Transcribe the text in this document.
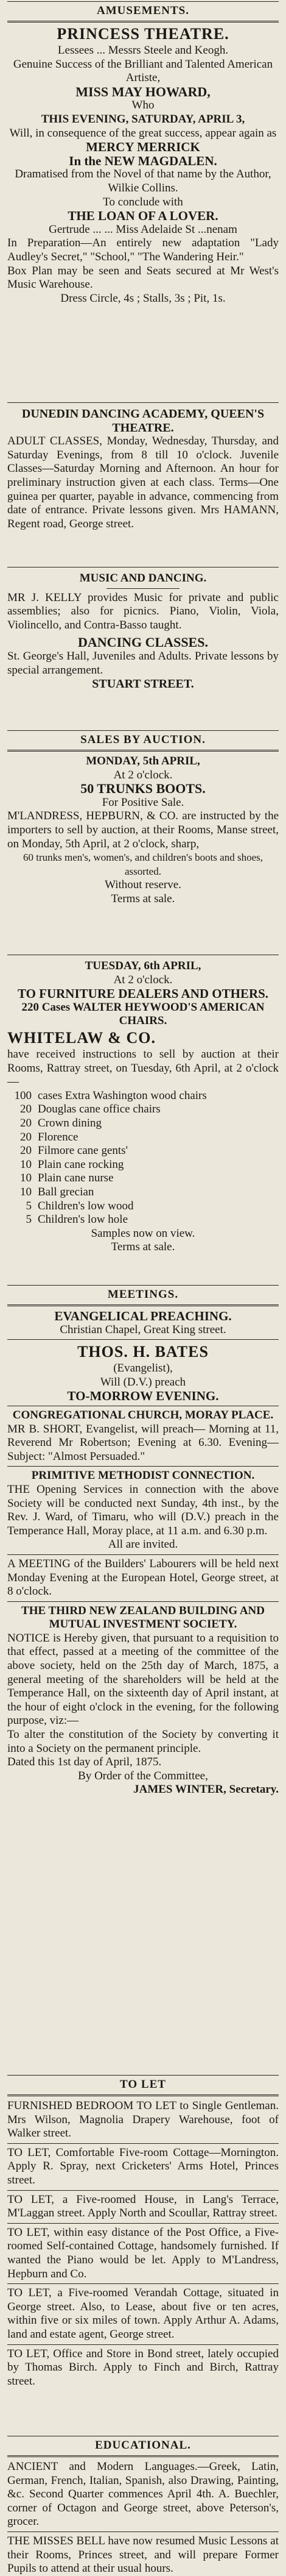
AMUSEMENTS.
PRINCESS THEATRE.
Lessees ... Messrs Steele and Keogh.
Genuine Success of the Brilliant and Talented American Artiste,
MISS MAY HOWARD,
Who
THIS EVENING, SATURDAY, APRIL 3,
Will, in consequence of the great success, appear again as
MERCY MERRICK
In the NEW MAGDALEN.
Dramatised from the Novel of that name by the Author, Wilkie Collins.
To conclude with
THE LOAN OF A LOVER.
Gertrude ... ... Miss Adelaide St ...nenam
In Preparation—An entirely new adaptation "Lady Audley's Secret," "School," "The Wandering Heir."
Box Plan may be seen and Seats secured at Mr West's Music Warehouse.
Dress Circle, 4s ; Stalls, 3s ; Pit, 1s.
DUNEDIN DANCING ACADEMY, QUEEN'S THEATRE.
ADULT CLASSES, Monday, Wednesday, Thursday, and Saturday Evenings, from 8 till 10 o'clock. Juvenile Classes—Saturday Morning and Afternoon. An hour for preliminary instruction given at each class. Terms—One guinea per quarter, payable in advance, commencing from date of entrance. Private lessons given. Mrs HAMANN, Regent road, George street.
MUSIC AND DANCING.
MR J. KELLY provides Music for private and public assemblies; also for picnics. Piano, Violin, Viola, Violincello, and Contra-Basso taught.
DANCING CLASSES.
St. George's Hall, Juveniles and Adults. Private lessons by special arrangement.
STUART STREET.
SALES BY AUCTION.
MONDAY, 5th APRIL,
At 2 o'clock.
50 TRUNKS BOOTS.
For Positive Sale.
M'LANDRESS, HEPBURN, & CO. are instructed by the importers to sell by auction, at their Rooms, Manse street, on Monday, 5th April, at 2 o'clock, sharp,
60 trunks men's, women's, and children's boots and shoes, assorted.
Without reserve.
Terms at sale.
TUESDAY, 6th APRIL,
At 2 o'clock.
TO FURNITURE DEALERS AND OTHERS.
220 Cases WALTER HEYWOOD'S AMERICAN CHAIRS.
WHITELAW & CO.
have received instructions to sell by auction at their Rooms, Rattray street, on Tuesday, 6th April, at 2 o'clock—
100 cases Extra Washington wood chairs
20 Douglas cane office chairs
20 Crown dining
20 Florence
20 Filmore cane gents'
10 Plain cane rocking
10 Plain cane nurse
10 Ball grecian
5 Children's low wood
5 Children's low hole
Samples now on view.
Terms at sale.
MEETINGS.
EVANGELICAL PREACHING.
Christian Chapel, Great King street.
THOS. H. BATES
(Evangelist),
Will (D.V.) preach
TO-MORROW EVENING.
CONGREGATIONAL CHURCH, MORAY PLACE.
MR B. SHORT, Evangelist, will preach— Morning at 11, Reverend Mr Robertson; Evening at 6.30. Evening—Subject: "Almost Persuaded."
PRIMITIVE METHODIST CONNECTION.
THE Opening Services in connection with the above Society will be conducted next Sunday, 4th inst., by the Rev. J. Ward, of Timaru, who will (D.V.) preach in the Temperance Hall, Moray place, at 11 a.m. and 6.30 p.m.
All are invited.
A MEETING of the Builders' Labourers will be held next Monday Evening at the European Hotel, George street, at 8 o'clock.
THE THIRD NEW ZEALAND BUILDING AND MUTUAL INVESTMENT SOCIETY.
NOTICE is Hereby given, that pursuant to a requisition to that effect, passed at a meeting of the committee of the above society, held on the 25th day of March, 1875, a general meeting of the shareholders will be held at the Temperance Hall, on the sixteenth day of April instant, at the hour of eight o'clock in the evening, for the following purpose, viz:—
To alter the constitution of the Society by converting it into a Society on the permanent principle.
Dated this 1st day of April, 1875.
By Order of the Committee,
JAMES WINTER, Secretary.
TO LET
FURNISHED BEDROOM TO LET to Single Gentleman. Mrs Wilson, Magnolia Drapery Warehouse, foot of Walker street.
TO LET, Comfortable Five-room Cottage—Mornington. Apply R. Spray, next Cricketers' Arms Hotel, Princes street.
TO LET, a Five-roomed House, in Lang's Terrace, M'Laggan street. Apply North and Scoullar, Rattray street.
TO LET, within easy distance of the Post Office, a Five-roomed Self-contained Cottage, handsomely furnished. If wanted the Piano would be let. Apply to M'Landress, Hepburn and Co.
TO LET, a Five-roomed Verandah Cottage, situated in George street. Also, to Lease, about five or ten acres, within five or six miles of town. Apply Arthur A. Adams, land and estate agent, George street.
TO LET, Office and Store in Bond street, lately occupied by Thomas Birch. Apply to Finch and Birch, Rattray street.
EDUCATIONAL.
ANCIENT and Modern Languages.—Greek, Latin, German, French, Italian, Spanish, also Drawing, Painting, &c. Second Quarter commences April 4th. A. Buechler, corner of Octagon and George street, above Peterson's, grocer.
THE MISSES BELL have now resumed Music Lessons at their Rooms, Princes street, and will prepare Former Pupils to attend at their usual hours.
